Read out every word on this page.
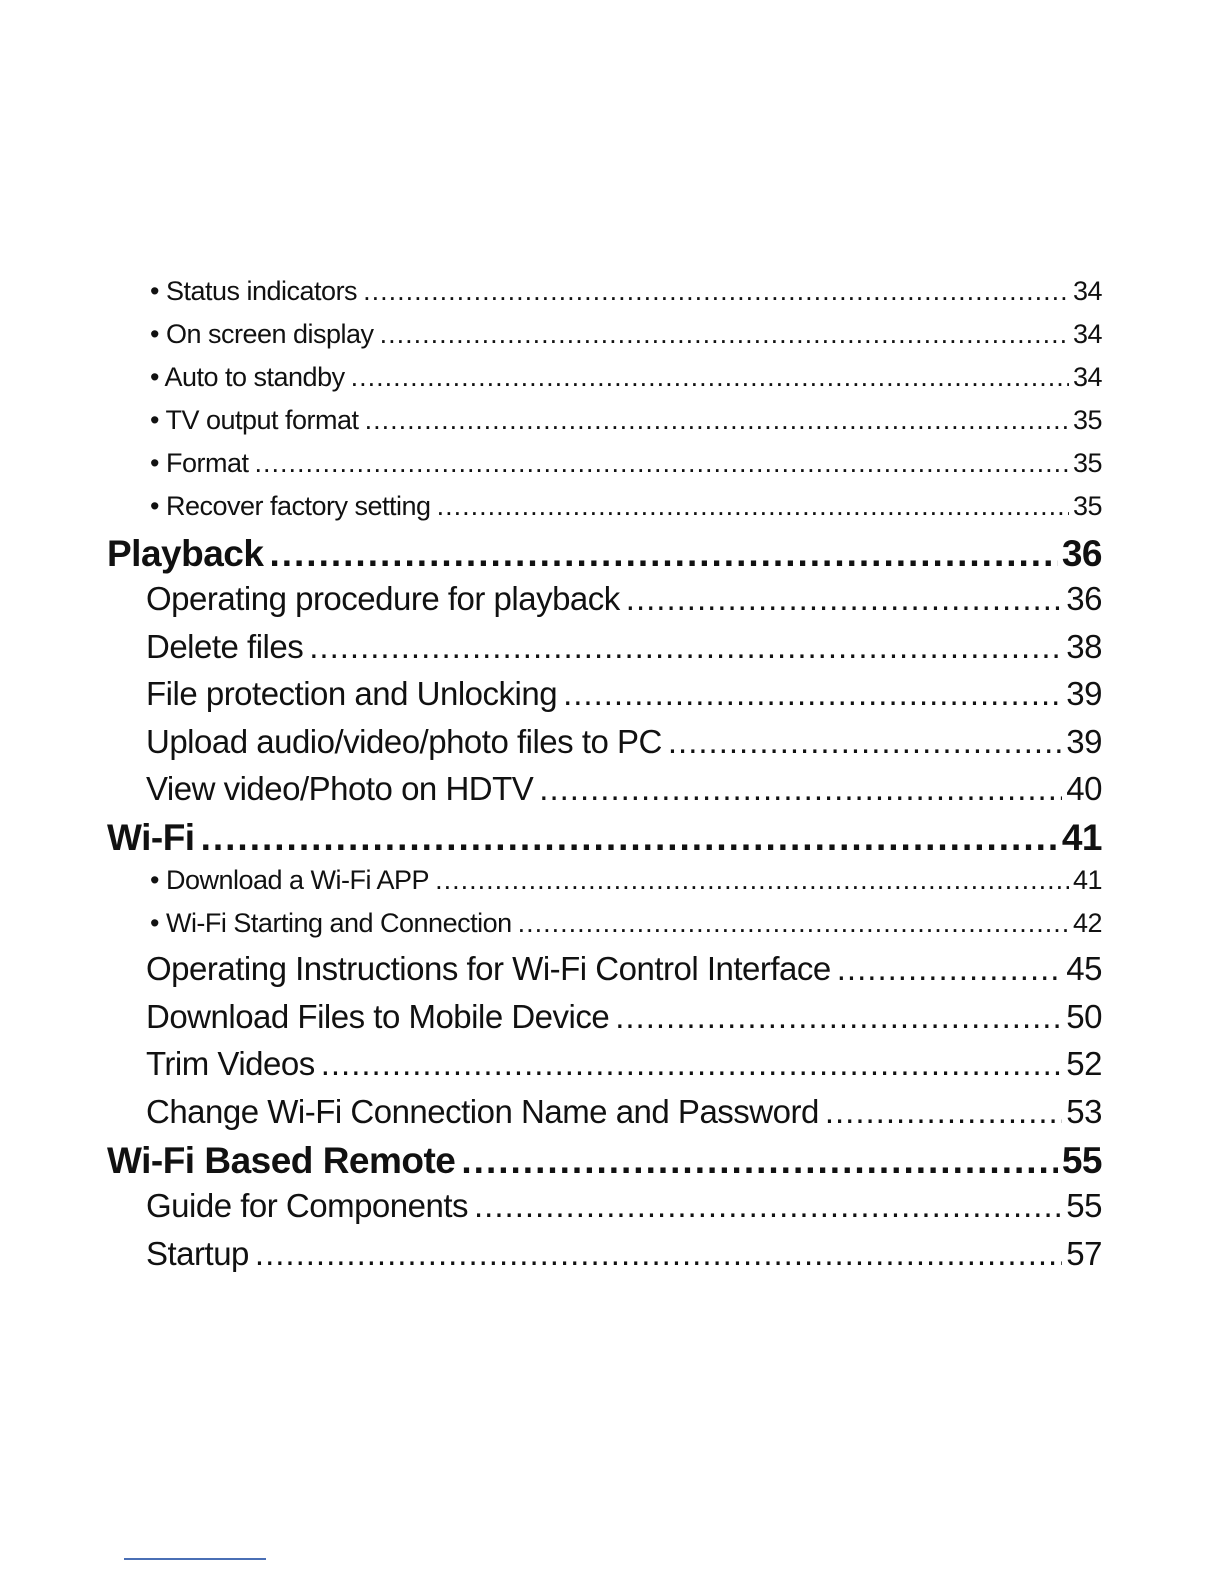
• Status indicators .....	34
• On screen display .....	34
• Auto to standby .....	34
• TV output format .....	35
• Format .....	35
• Recover factory setting .....	35
Playback .....	36
Operating procedure for playback .....	36
Delete files .....	38
File protection and Unlocking .....	39
Upload audio/video/photo files to PC .....	39
View video/Photo on HDTV .....	40
Wi-Fi .....	41
• Download a Wi-Fi APP .....	41
• Wi-Fi Starting and Connection .....	42
Operating Instructions for Wi-Fi Control Interface .....	45
Download Files to Mobile Device .....	50
Trim Videos .....	52
Change Wi-Fi Connection Name and Password .....	53
Wi-Fi Based Remote .....	55
Guide for Components .....	55
Startup .....	57
